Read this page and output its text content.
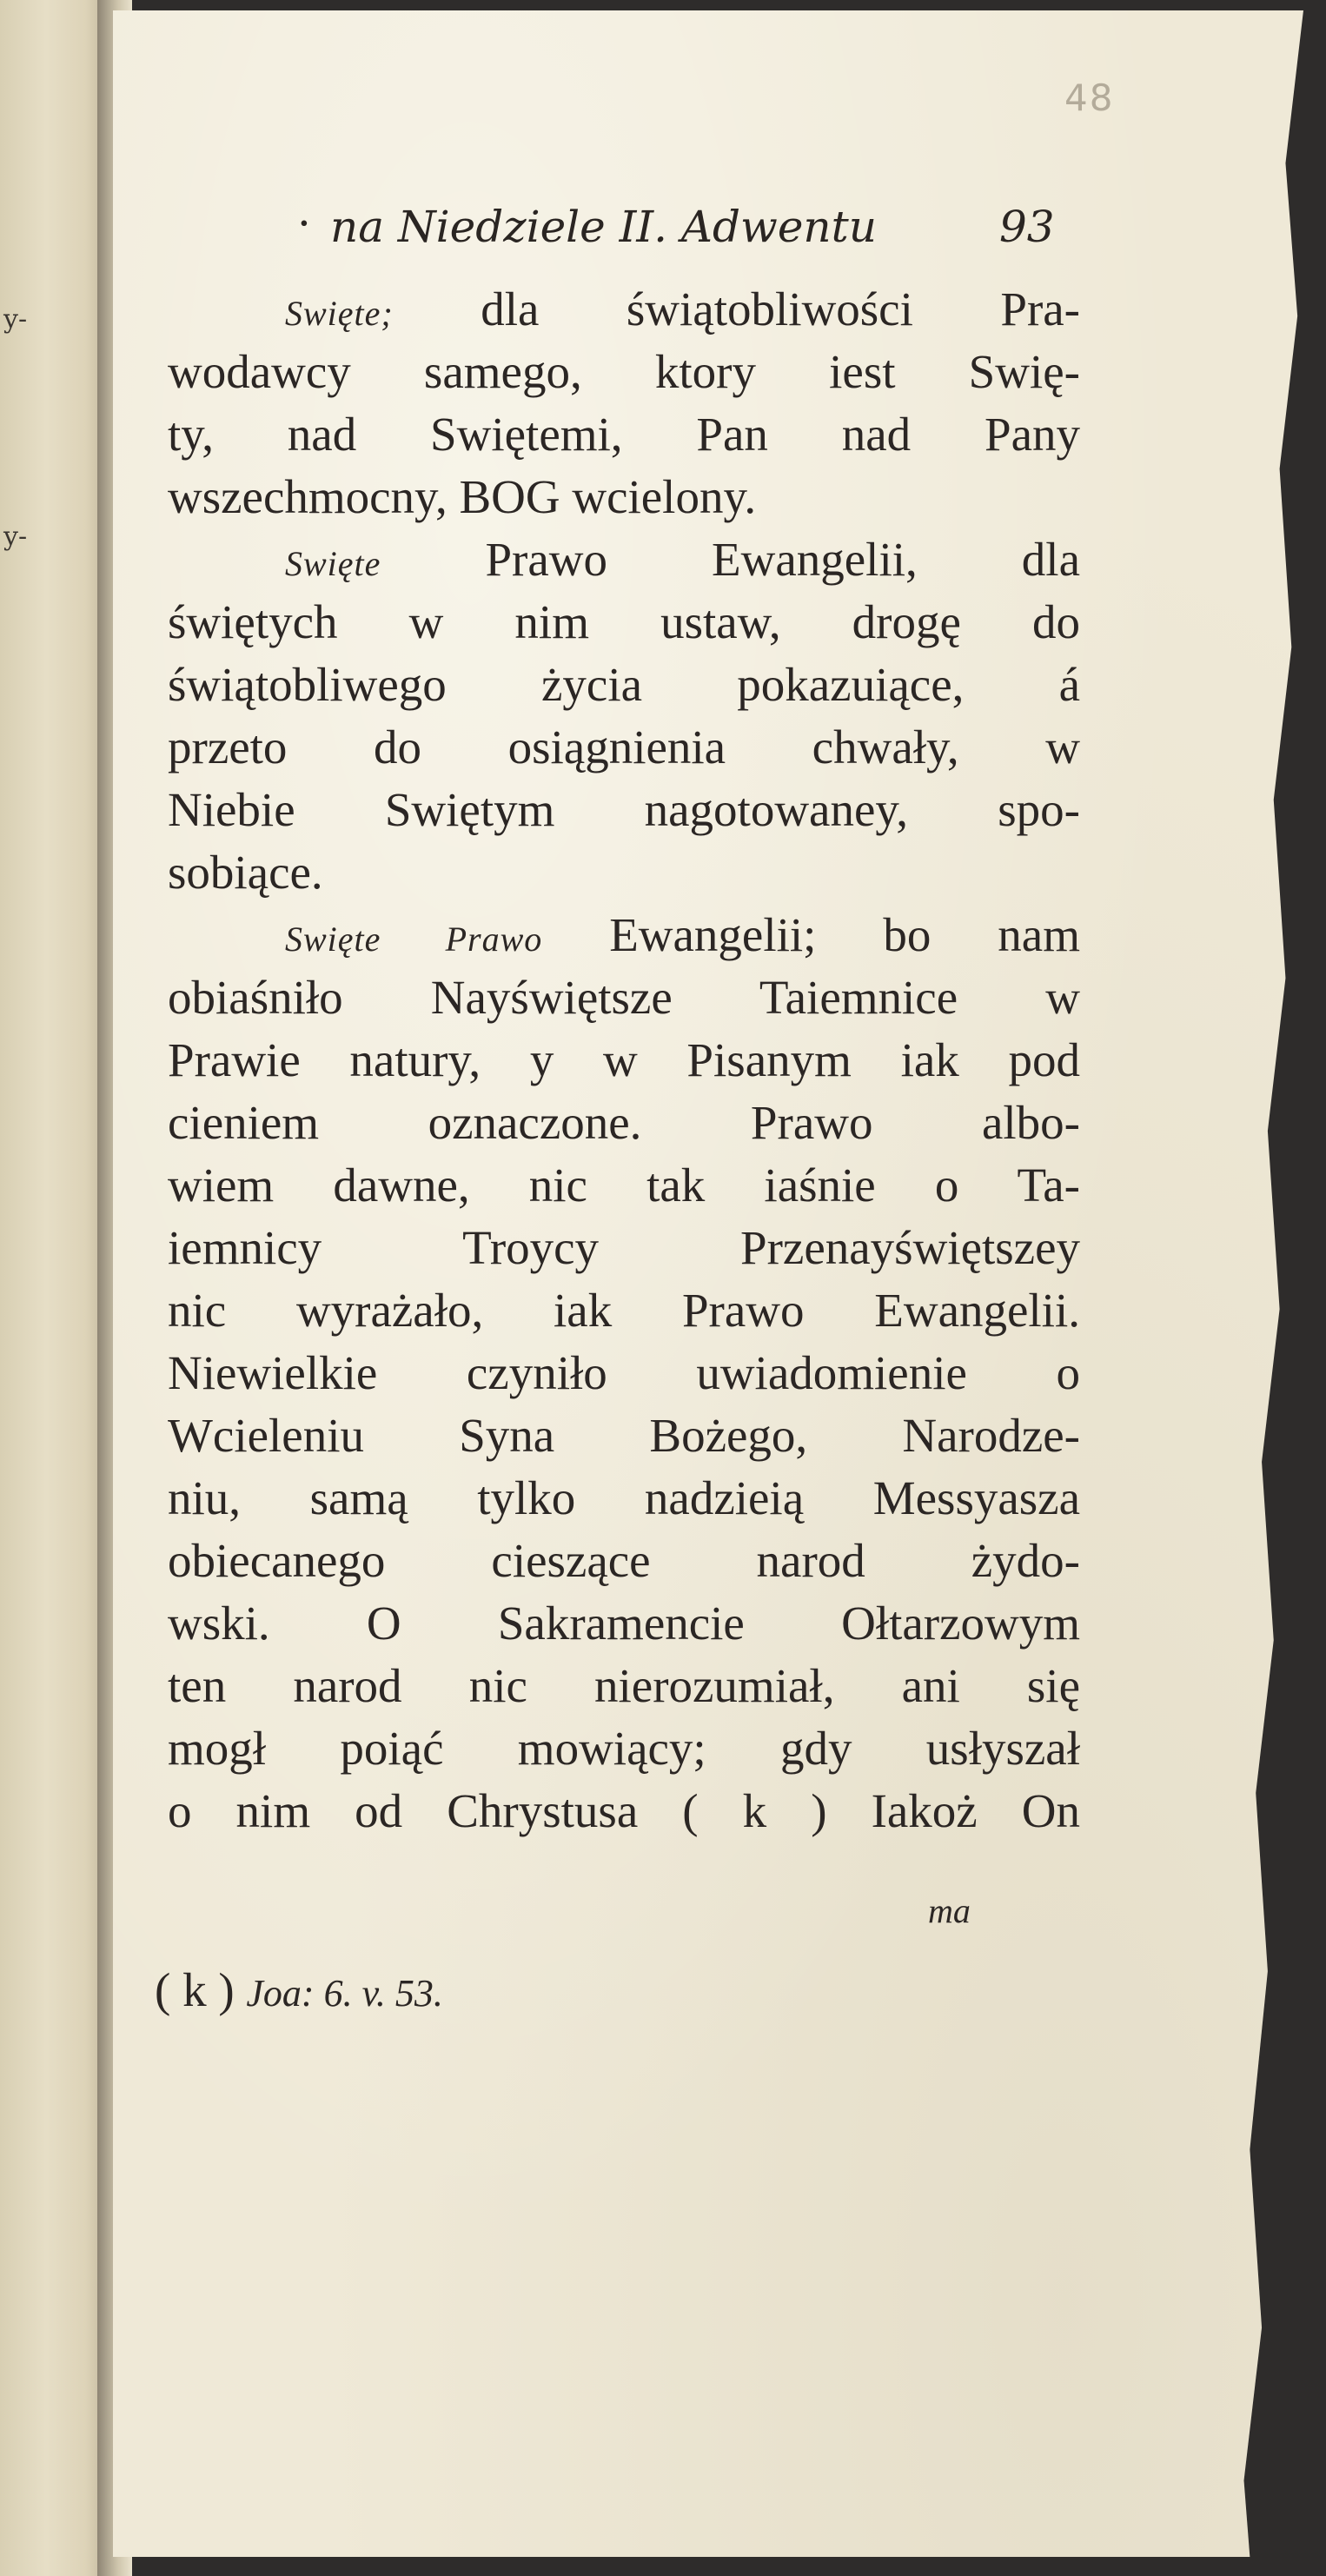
y-
y-
48
· na Niedziele II. Adwentu	93
Swięte; dla świątobliwości Pra-
wodawcy samego, ktory iest Swię-
ty, nad Swiętemi, Pan nad Pany
wszechmocny, BOG wcielony.
Swięte Prawo Ewangelii, dla
świętych w nim ustaw, drogę do
świątobliwego życia pokazuiące, á
przeto do osiągnienia chwały, w
Niebie Swiętym nagotowaney, spo-
sobiące.
Swięte Prawo Ewangelii; bo nam
obiaśniło Nayświętsze Taiemnice w
Prawie natury, y w Pisanym iak pod
cieniem oznaczone. Prawo albo-
wiem dawne, nic tak iaśnie o Ta-
iemnicy Troycy Przenayświętszey
nic wyrażało, iak Prawo Ewangelii.
Niewielkie czyniło uwiadomienie o
Wcieleniu Syna Bożego, Narodze-
niu, samą tylko nadzieią Messyasza
obiecanego cieszące narod żydo-
wski. O Sakramencie Ołtarzowym
ten narod nic nierozumiał, ani się
mogł poiąć mowiący; gdy usłyszał
o nim od Chrystusa ( k ) Iakoż On
ma
( k ) Joa: 6. v. 53.
